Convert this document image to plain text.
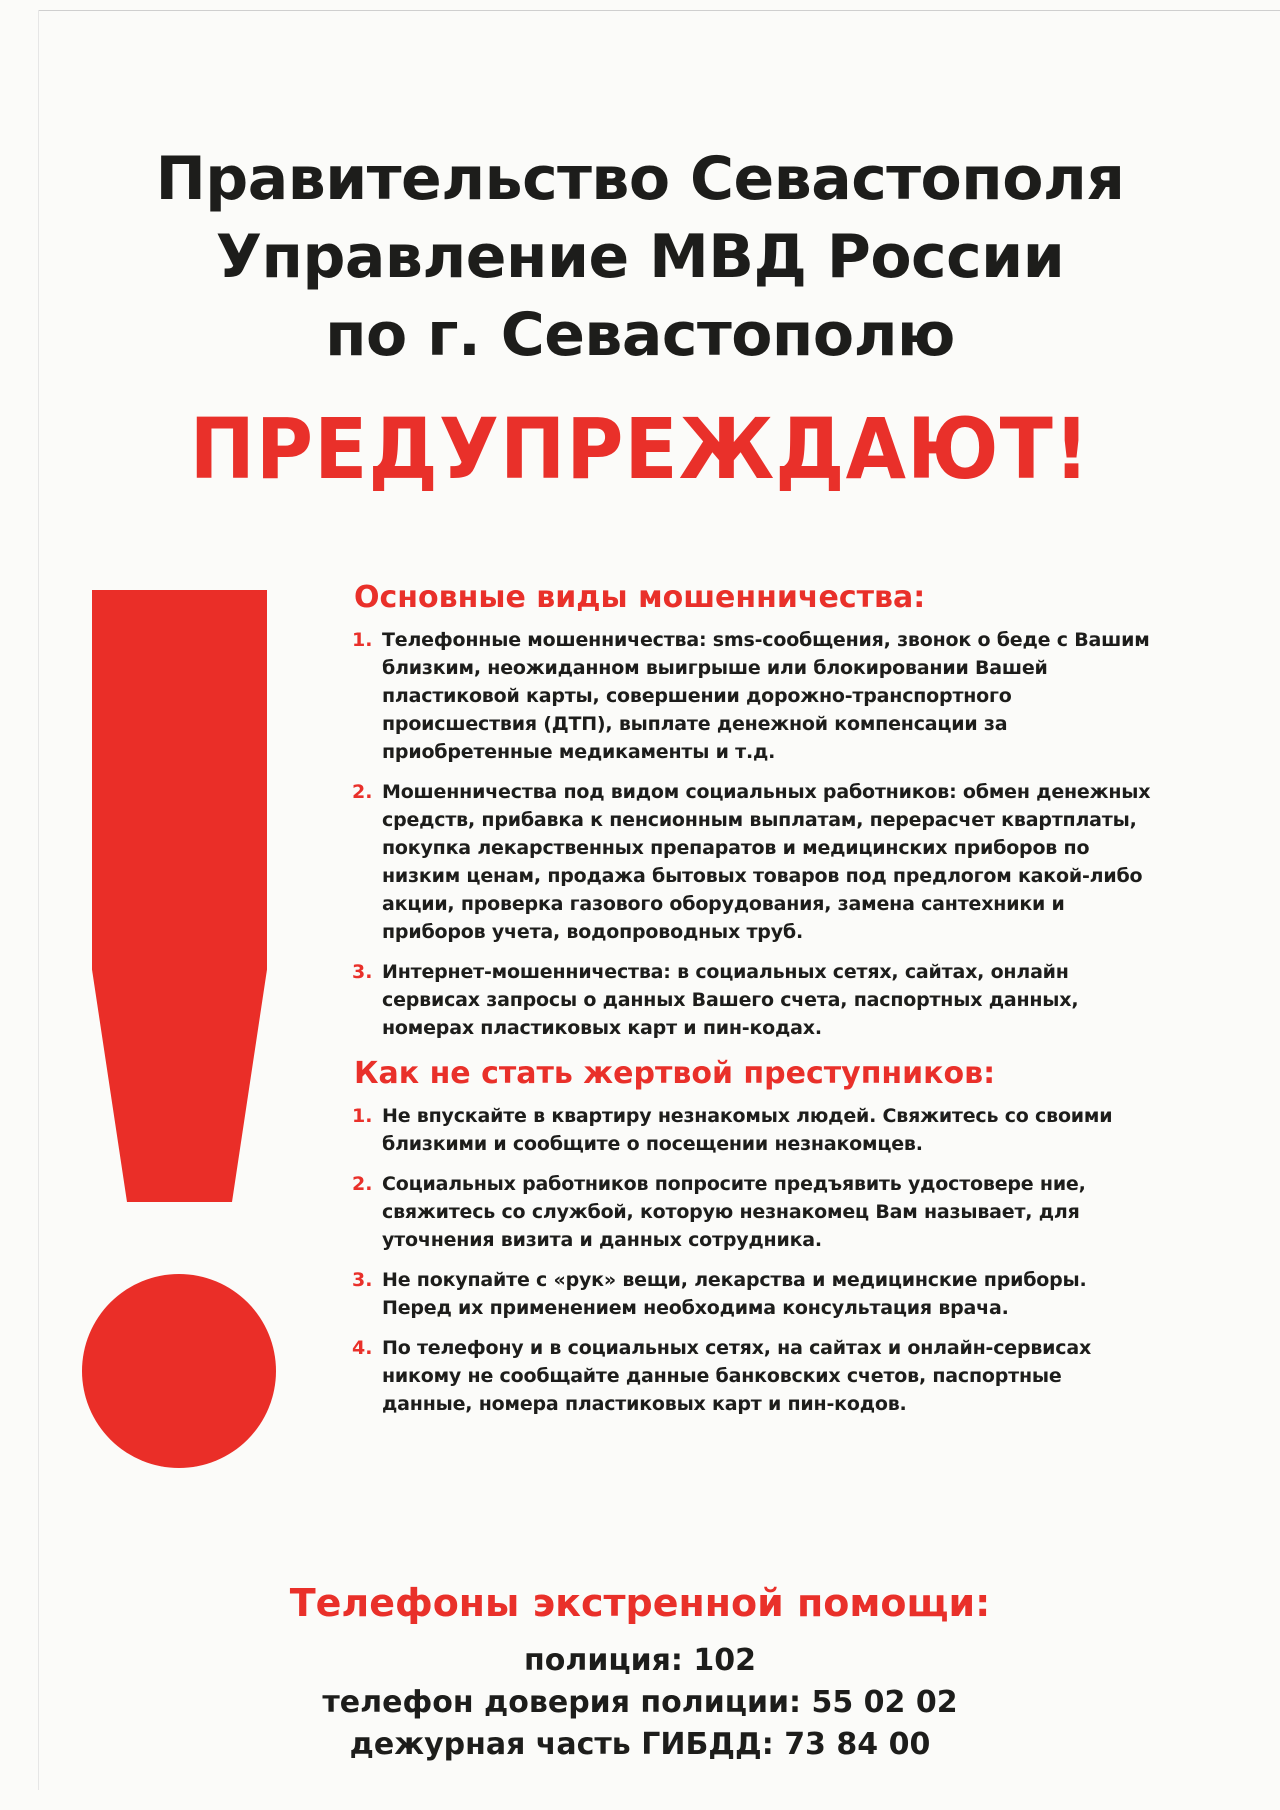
Правительство Севастополя

Управление МВД России

по г. Севастополю

ПРЕДУПРЕЖДАЮТ!
Основные виды мошенничества:
1. Телефонные мошенничества: sms-сообщения, звонок о беде с Вашим близким, неожиданном выигрыше или блокировании Вашей пластиковой карты, совершении дорожно-транспортного происшествия (ДТП), выплате денежной компенсации за приобретенные медикаменты и т.д.
2. Мошенничества под видом социальных работников: обмен денежных средств, прибавка к пенсионным выплатам, перерасчет квартплаты, покупка лекарственных препаратов и медицинских приборов по низким ценам, продажа бытовых товаров под предлогом какой-либо акции, проверка газового оборудования, замена сантехники и приборов учета, водопроводных труб.
3. Интернет-мошенничества: в социальных сетях, сайтах, онлайн сервисах запросы о данных Вашего счета, паспортных данных, номерах пластиковых карт и пин-кодах.
Как не стать жертвой преступников:
1. Не впускайте в квартиру незнакомых людей. Свяжитесь со своими близкими и сообщите о посещении незнакомцев.
2. Социальных работников попросите предъявить удостовере ние, свяжитесь со службой, которую незнакомец Вам называет, для уточнения визита и данных сотрудника.
3. Не покупайте с «рук» вещи, лекарства и медицинские приборы. Перед их применением необходима консультация врача.
4. По телефону и в социальных сетях, на сайтах и онлайн-сервисах никому не сообщайте данные банковских счетов, паспортные данные, номера пластиковых карт и пин-кодов.
Телефоны экстренной помощи:
полиция: 102
телефон доверия полиции: 55 02 02
дежурная часть ГИБДД: 73 84 00
